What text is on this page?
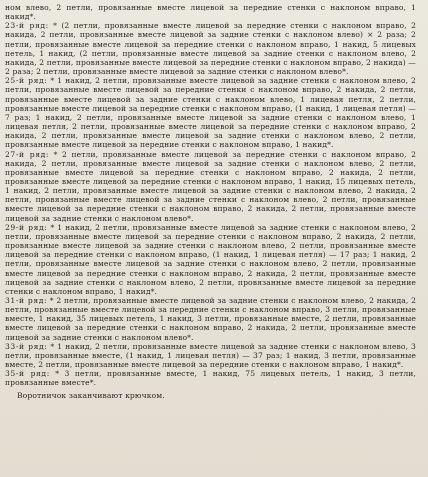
ном влево, 2 петли, провязанные вместе лицевой за передние стенки с наклоном вправо, 1 накид*.

23-й ряд: * (2 петли, провязанные вместе лицевой за передние стенки с наклоном вправо, 2 накида, 2 петли, провязанные вместе лицевой за задние стенки с наклоном влево) × 2 раза; 2 петли, провязанные вместе лицевой за передние стенки с наклоном вправо, 1 накид, 5 лицевых петель, 1 накид, (2 петли, провязанные вместе лицевой за задние стенки с наклоном влево, 2 накида, 2 петли, провязанные вместе лицевой за передние стенки с наклоном вправо, 2 накида) — 2 раза; 2 петли, провязанные вместе лицевой за задние стенки с наклоном влево*.

25-й ряд: * 1 накид, 2 петли, провязанные вместе лицевой за задние стенки с наклоном влево, 2 петли, провязанные вместе лицевой за передние стенки с наклоном вправо, 2 накида, 2 петли, провязанные вместе лицевой за задние стенки с наклоном влево, 1 лицевая петля, 2 петли, провязанные вместе лицевой за передние стенки с наклоном вправо, (1 накид, 1 лицевая петля) — 7 раз; 1 накид, 2 петли, провязанные вместе лицевой за задние стенки с наклоном влево, 1 лицевая петля, 2 петли, провязанные вместе лицевой за передние стенки с наклоном вправо, 2 накида, 2 петли, провязанные вместе лицевой за задние стенки с наклоном влево, 2 петли, провязанные вместе лицевой за передние стенки с наклоном вправо, 1 накид*.

27-й ряд: * 2 петли, провязанные вместе лицевой за передние стенки с наклоном вправо, 2 накида, 2 петли, провязанные вместе лицевой за задние стенки с наклоном влево, 2 петли, провязанные вместе лицевой за передние стенки с наклоном вправо, 2 накида, 2 петли, провязанные вместе лицевой за передние стенки с наклоном вправо, 1 накид, 15 лицевых петель, 1 накид, 2 петли, провязанные вместе лицевой за задние стенки с наклоном влево, 2 накида, 2 петли, провязанные вместе лицевой за задние стенки с наклоном влево, 2 петли, провязанные вместе лицевой за передние стенки с наклоном вправо, 2 накида, 2 петли, провязанные вместе лицевой за задние стенки с наклоном влево*.

29-й ряд: * 1 накид, 2 петли, провязанные вместе лицевой за задние стенки с наклоном влево, 2 петли, провязанные вместе лицевой за передние стенки с наклоном вправо, 2 накида, 2 петли, провязанные вместе лицевой за задние стенки с наклоном влево, 2 петли, провязанные вместе лицевой за передние стенки с наклоном вправо, (1 накид, 1 лицевая петля) — 17 раз; 1 накид, 2 петли, провязанные вместе лицевой за задние стенки с наклоном влево, 2 петли, провязанные вместе лицевой за передние стенки с наклоном вправо, 2 накида, 2 петли, провязанные вместе лицевой за задние стенки с наклоном влево, 2 петли, провязанные вместе лицевой за передние стенки с наклоном вправо, 1 накид*.

31-й ряд: * 2 петли, провязанные вместе лицевой за задние стенки с наклоном влево, 2 накида, 2 петли, провязанные вместе лицевой за передние стенки с наклоном вправо, 3 петли, провязанные вместе, 1 накид, 35 лицевых петель, 1 накид, 3 петли, провязанные вместе, 2 петли, провязанные вместе лицевой за передние стенки с наклоном вправо, 2 накида, 2 петли, провязанные вместе лицевой за задние стенки с наклоном влево*.

33-й ряд: * 1 накид, 2 петли, провязанные вместе лицевой за задние стенки с наклоном влево, 3 петли, провязанные вместе, (1 накид, 1 лицевая петля) — 37 раз; 1 накид, 3 петли, провязанные вместе, 2 петли, провязанные вместе лицевой за передние стенки с наклоном вправо, 1 накид*.

35-й ряд: * 3 петли, провязанные вместе, 1 накид, 75 лицевых петель, 1 накид, 3 петли, провязанные вместе*.

Воротничок заканчивают крючком.
